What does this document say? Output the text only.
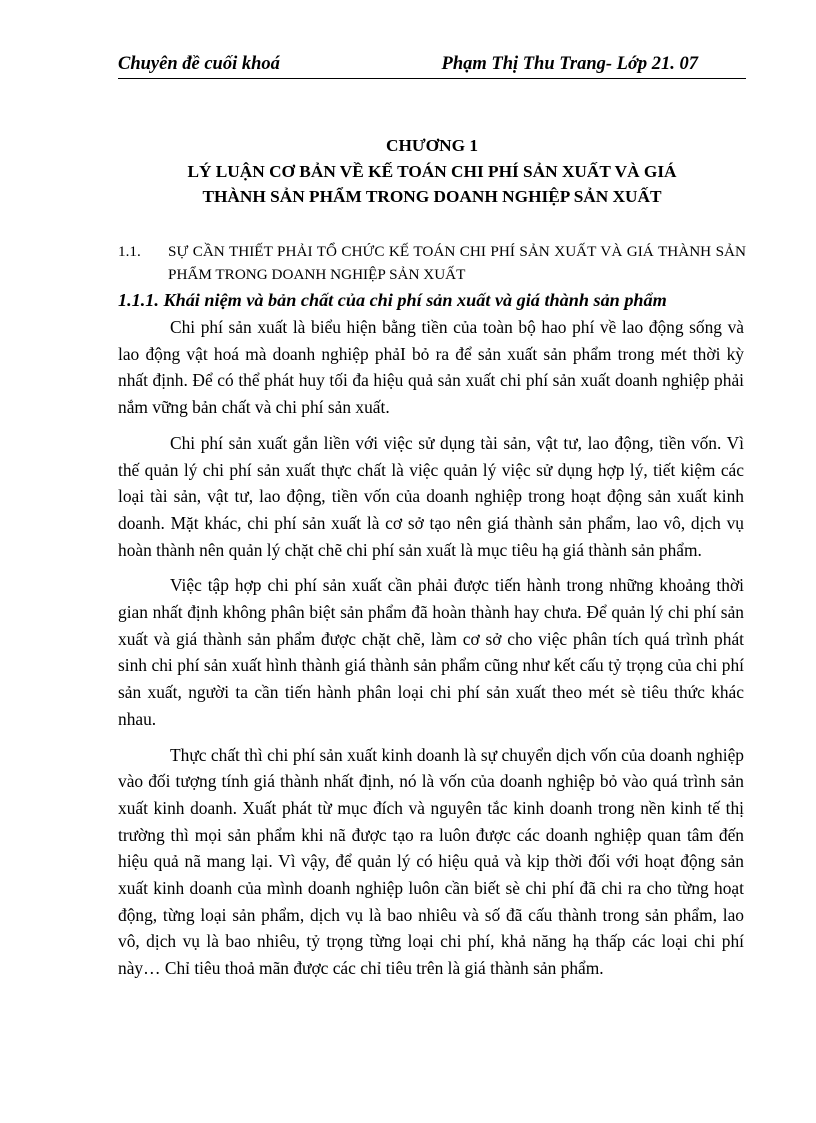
Chuyên đề cuối khoá	Phạm Thị Thu Trang- Lớp 21. 07
CHƯƠNG 1
LÝ LUẬN CƠ BẢN VỀ KẾ TOÁN CHI PHÍ SẢN XUẤT VÀ GIÁ
THÀNH SẢN PHẨM TRONG DOANH NGHIỆP SẢN XUẤT
1.1. SỰ CẦN THIẾT PHẢI TỔ CHỨC KẾ TOÁN CHI PHÍ SẢN XUẤT VÀ GIÁ THÀNH SẢN PHẨM TRONG DOANH NGHIỆP SẢN XUẤT
1.1.1. Khái niệm và bản chất của chi phí sản xuất và giá thành sản phẩm

Chi phí sản xuất là biểu hiện bằng tiền của toàn bộ hao phí về lao động sống và lao động vật hoá mà doanh nghiệp phảI bỏ ra để sản xuất sản phẩm trong mét thời kỳ nhất định. Để có thể phát huy tối đa hiệu quả sản xuất chi phí sản xuất doanh nghiệp phải nắm vững bản chất và chi phí sản xuất.

Chi phí sản xuất gắn liền với việc sử dụng tài sản, vật tư, lao động, tiền vốn. Vì thế quản lý chi phí sản xuất thực chất là việc quản lý việc sử dụng hợp lý, tiết kiệm các loại tài sản, vật tư, lao động, tiền vốn của doanh nghiệp trong hoạt động sản xuất kinh doanh. Mặt khác, chi phí sản xuất là cơ sở tạo nên giá thành sản phẩm, lao vô, dịch vụ hoàn thành nên quản lý chặt chẽ chi phí sản xuất là mục tiêu hạ giá thành sản phẩm.

Việc tập hợp chi phí sản xuất cần phải được tiến hành trong những khoảng thời gian nhất định không phân biệt sản phẩm đã hoàn thành hay chưa. Để quản lý chi phí sản xuất và giá thành sản phẩm được chặt chẽ, làm cơ sở cho việc phân tích quá trình phát sinh chi phí sản xuất hình thành giá thành sản phẩm cũng như kết cấu tỷ trọng của chi phí sản xuất, người ta cần tiến hành phân loại chi phí sản xuất theo mét sè tiêu thức khác nhau.

Thực chất thì chi phí sản xuất kinh doanh là sự chuyển dịch vốn của doanh nghiệp vào đối tượng tính giá thành nhất định, nó là vốn của doanh nghiệp bỏ vào quá trình sản xuất kinh doanh. Xuất phát từ mục đích và nguyên tắc kinh doanh trong nền kinh tế thị trường thì mọi sản phẩm khi nã được tạo ra luôn được các doanh nghiệp quan tâm đến hiệu quả nã mang lại. Vì vậy, để quản lý có hiệu quả và kịp thời đối với hoạt động sản xuất kinh doanh của mình doanh nghiệp luôn cần biết sè chi phí đã chi ra cho từng hoạt động, từng loại sản phẩm, dịch vụ là bao nhiêu và số đã cấu thành trong sản phẩm, lao vô, dịch vụ là bao nhiêu, tỷ trọng từng loại chi phí, khả năng hạ thấp các loại chi phí này… Chỉ tiêu thoả mãn được các chỉ tiêu trên là giá thành sản phẩm.
